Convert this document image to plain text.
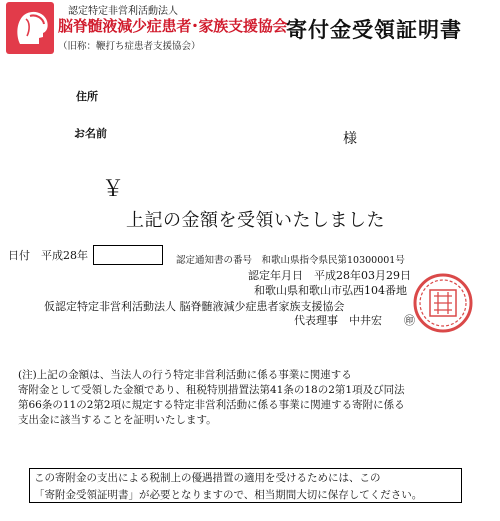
認定特定非営利活動法人
脳脊髄液減少症患者･家族支援協会
（旧称：鞭打ち症患者支援協会）
寄付金受領証明書
住所
お名前	様
￥
上記の金額を受領いたしました
日付　平成28年	認定通知書の番号　和歌山県指令県民第10300001号
認定年月日　平成28年03月29日
和歌山県和歌山市弘西104番地
仮認定特定非営利活動法人 脳脊髄液減少症患者家族支援協会
代表理事　中井宏　　㊞

(注)上記の金額は、当法人の行う特定非営利活動に係る事業に関連する

寄附金として受領した金額であり、租税特別措置法第41条の18の2第1項及び同法

第66条の11の2第2項に規定する特定非営利活動に係る事業に関連する寄附に係る

支出金に該当することを証明いたします。

この寄附金の支出による税制上の優遇措置の適用を受けるためには、この

「寄附金受領証明書」が必要となりますので、相当期間大切に保存してください。
